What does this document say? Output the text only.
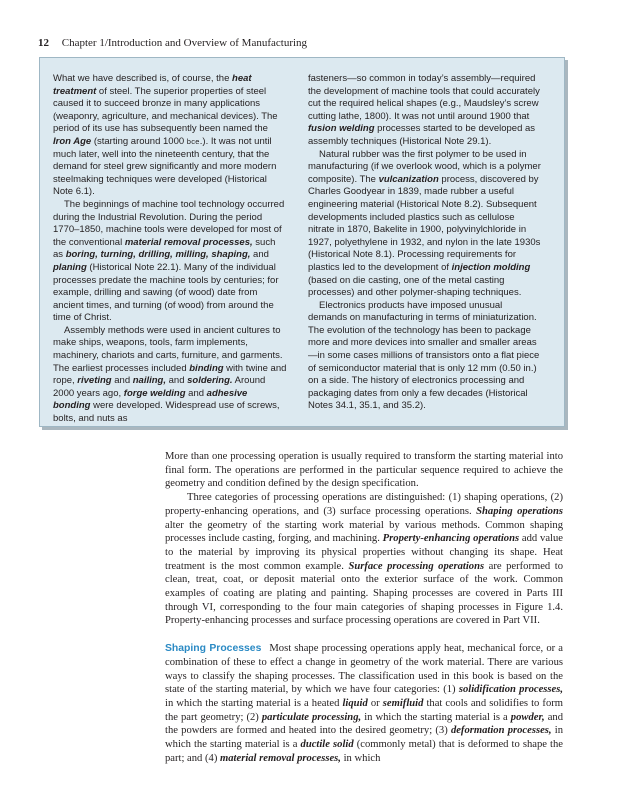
12 Chapter 1/Introduction and Overview of Manufacturing

What we have described is, of course, the heat treatment of steel. The superior properties of steel caused it to succeed bronze in many applications (weaponry, agriculture, and mechanical devices). The period of its use has subsequently been named the Iron Age (starting around 1000 bce.). It was not until much later, well into the nineteenth century, that the demand for steel grew significantly and more modern steelmaking techniques were developed (Historical Note 6.1).

The beginnings of machine tool technology occurred during the Industrial Revolution. During the period 1770–1850, machine tools were developed for most of the conventional material removal processes, such as boring, turning, drilling, milling, shaping, and planing (Historical Note 22.1). Many of the individual processes predate the machine tools by centuries; for example, drilling and sawing (of wood) date from ancient times, and turning (of wood) from around the time of Christ.

Assembly methods were used in ancient cultures to make ships, weapons, tools, farm implements, machinery, chariots and carts, furniture, and garments. The earliest processes included binding with twine and rope, riveting and nailing, and soldering. Around 2000 years ago, forge welding and adhesive bonding were developed. Widespread use of screws, bolts, and nuts as

fasteners—so common in today’s assembly—required the development of machine tools that could accurately cut the required helical shapes (e.g., Maudsley’s screw cutting lathe, 1800). It was not until around 1900 that fusion welding processes started to be developed as assembly techniques (Historical Note 29.1).

Natural rubber was the first polymer to be used in manufacturing (if we overlook wood, which is a polymer composite). The vulcanization process, discovered by Charles Goodyear in 1839, made rubber a useful engineering material (Historical Note 8.2). Subsequent developments included plastics such as cellulose nitrate in 1870, Bakelite in 1900, polyvinylchloride in 1927, polyethylene in 1932, and nylon in the late 1930s (Historical Note 8.1). Processing requirements for plastics led to the development of injection molding (based on die casting, one of the metal casting processes) and other polymer-shaping techniques.

Electronics products have imposed unusual demands on manufacturing in terms of miniaturization. The evolution of the technology has been to package more and more devices into smaller and smaller areas—in some cases millions of transistors onto a flat piece of semiconductor material that is only 12 mm (0.50 in.) on a side. The history of electronics processing and packaging dates from only a few decades (Historical Notes 34.1, 35.1, and 35.2).

More than one processing operation is usually required to transform the starting material into final form. The operations are performed in the particular sequence required to achieve the geometry and condition defined by the design specification.

Three categories of processing operations are distinguished: (1) shaping operations, (2) property-enhancing operations, and (3) surface processing operations. Shaping operations alter the geometry of the starting work material by various methods. Common shaping processes include casting, forging, and machining. Property-enhancing operations add value to the material by improving its physical properties without changing its shape. Heat treatment is the most common example. Surface processing operations are performed to clean, treat, coat, or deposit material onto the exterior surface of the work. Common examples of coating are plating and painting. Shaping processes are covered in Parts III through VI, corresponding to the four main categories of shaping processes in Figure 1.4. Property-enhancing processes and surface processing operations are covered in Part VII.

Shaping Processes Most shape processing operations apply heat, mechanical force, or a combination of these to effect a change in geometry of the work material. There are various ways to classify the shaping processes. The classification used in this book is based on the state of the starting material, by which we have four categories: (1) solidification processes, in which the starting material is a heated liquid or semifluid that cools and solidifies to form the part geometry; (2) particulate processing, in which the starting material is a powder, and the powders are formed and heated into the desired geometry; (3) deformation processes, in which the starting material is a ductile solid (commonly metal) that is deformed to shape the part; and (4) material removal processes, in which
